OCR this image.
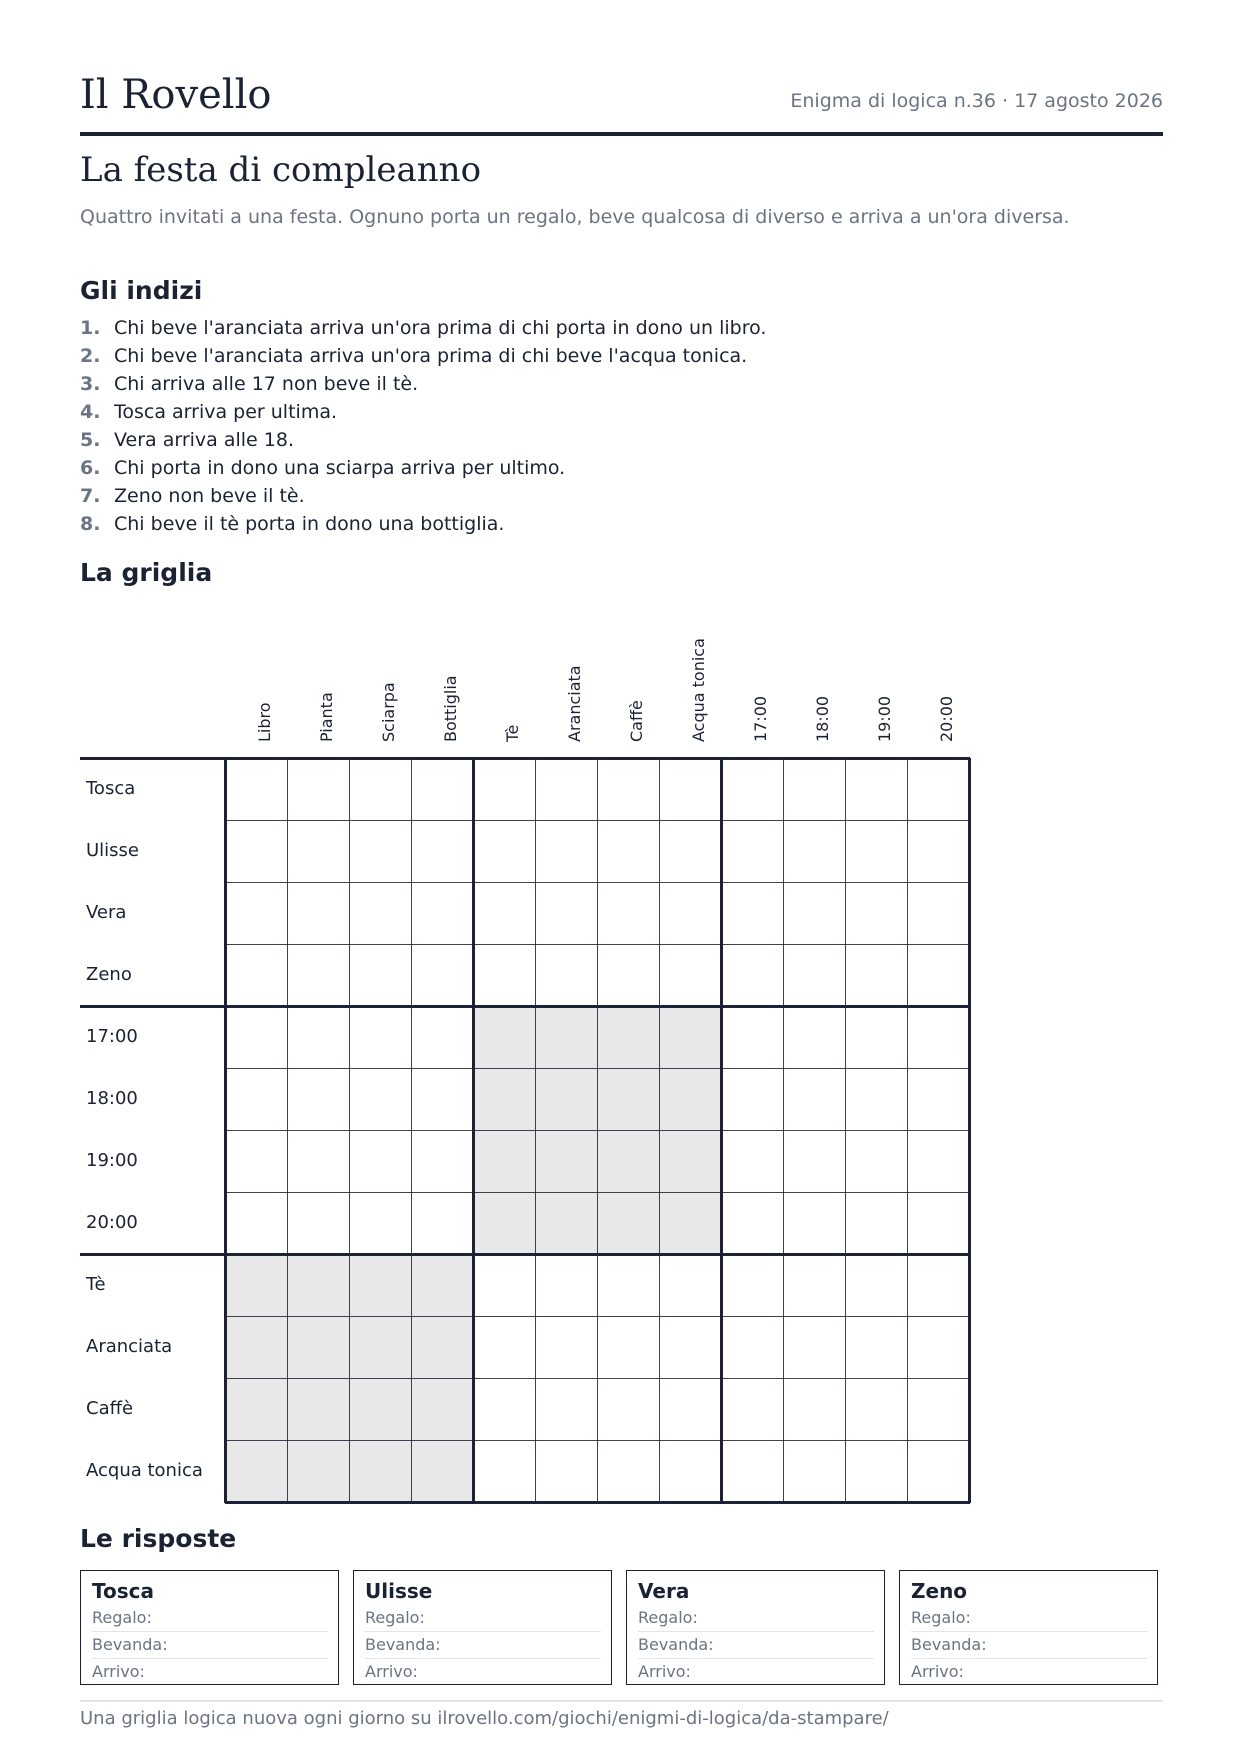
Il Rovello	Enigma di logica n.36 · 17 agosto 2026
La festa di compleanno
Quattro invitati a una festa. Ognuno porta un regalo, beve qualcosa di diverso e arriva a un'ora diversa.
Gli indizi
1. Chi beve l'aranciata arriva un'ora prima di chi porta in dono un libro.
2. Chi beve l'aranciata arriva un'ora prima di chi beve l'acqua tonica.
3. Chi arriva alle 17 non beve il tè.
4. Tosca arriva per ultima.
5. Vera arriva alle 18.
6. Chi porta in dono una sciarpa arriva per ultimo.
7. Zeno non beve il tè.
8. Chi beve il tè porta in dono una bottiglia.
La griglia
Libro	Pianta	Sciarpa	Bottiglia	Tè	Aranciata	Caffè	Acqua tonica	17:00	18:00	19:00	20:00
Tosca
Ulisse
Vera
Zeno
17:00
18:00
19:00
20:00
Tè
Aranciata
Caffè
Acqua tonica
Le risposte
Tosca
Regalo:
Bevanda:
Arrivo:
Ulisse
Regalo:
Bevanda:
Arrivo:
Vera
Regalo:
Bevanda:
Arrivo:
Zeno
Regalo:
Bevanda:
Arrivo:
Una griglia logica nuova ogni giorno su ilrovello.com/giochi/enigmi-di-logica/da-stampare/
